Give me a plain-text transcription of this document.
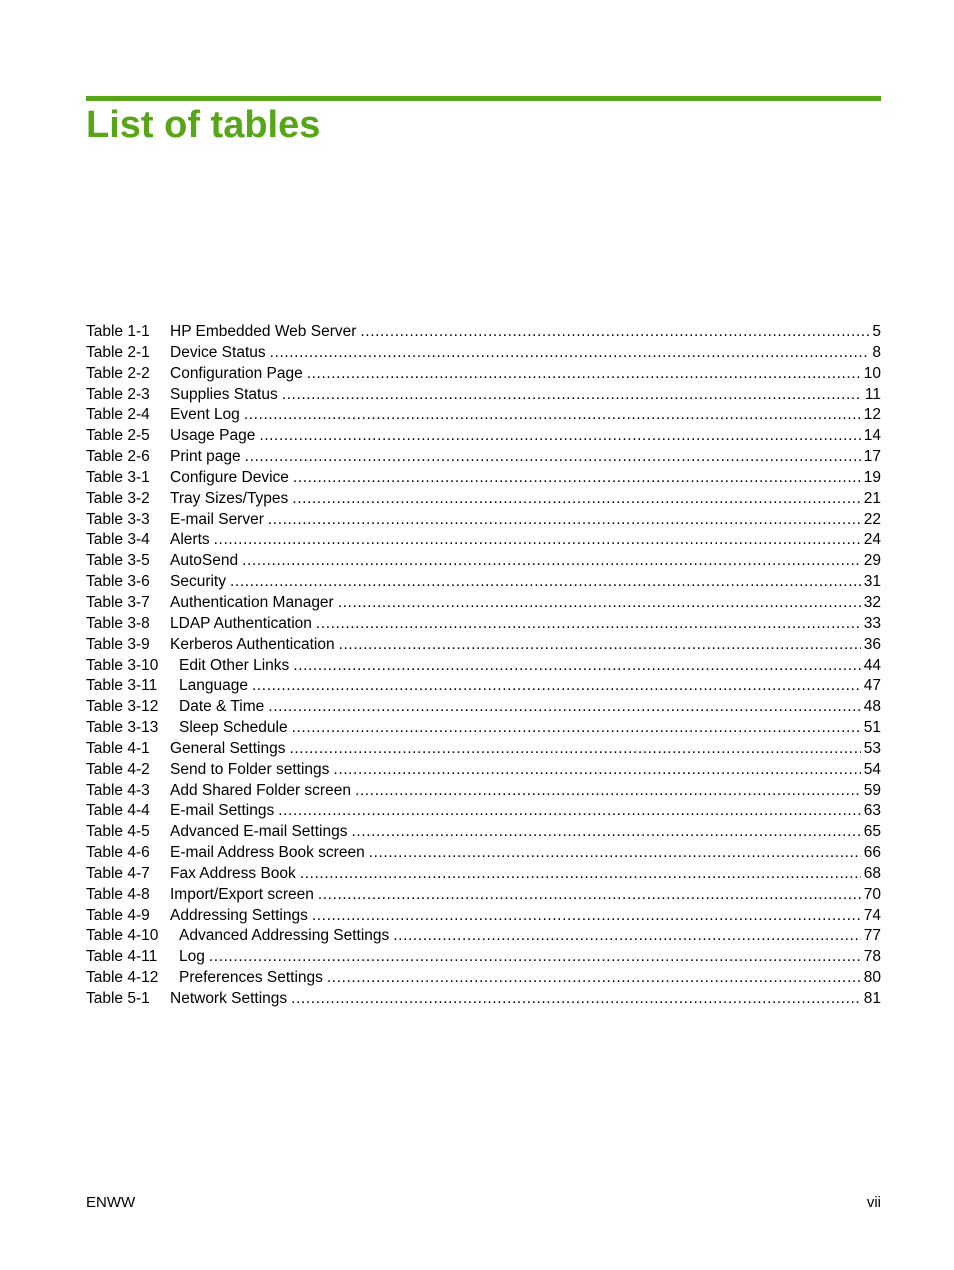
List of tables
Table 1-1	HP Embedded Web Server .....	5
Table 2-1	Device Status .....	8
Table 2-2	Configuration Page .....	10
Table 2-3	Supplies Status .....	11
Table 2-4	Event Log .....	12
Table 2-5	Usage Page .....	14
Table 2-6	Print page .....	17
Table 3-1	Configure Device .....	19
Table 3-2	Tray Sizes/Types .....	21
Table 3-3	E-mail Server .....	22
Table 3-4	Alerts .....	24
Table 3-5	AutoSend .....	29
Table 3-6	Security .....	31
Table 3-7	Authentication Manager .....	32
Table 3-8	LDAP Authentication .....	33
Table 3-9	Kerberos Authentication .....	36
Table 3-10	Edit Other Links .....	44
Table 3-11	Language .....	47
Table 3-12	Date & Time .....	48
Table 3-13	Sleep Schedule .....	51
Table 4-1	General Settings .....	53
Table 4-2	Send to Folder settings .....	54
Table 4-3	Add Shared Folder screen .....	59
Table 4-4	E-mail Settings .....	63
Table 4-5	Advanced E-mail Settings .....	65
Table 4-6	E-mail Address Book screen .....	66
Table 4-7	Fax Address Book .....	68
Table 4-8	Import/Export screen .....	70
Table 4-9	Addressing Settings .....	74
Table 4-10	Advanced Addressing Settings .....	77
Table 4-11	Log .....	78
Table 4-12	Preferences Settings .....	80
Table 5-1	Network Settings .....	81
ENWW	vii
